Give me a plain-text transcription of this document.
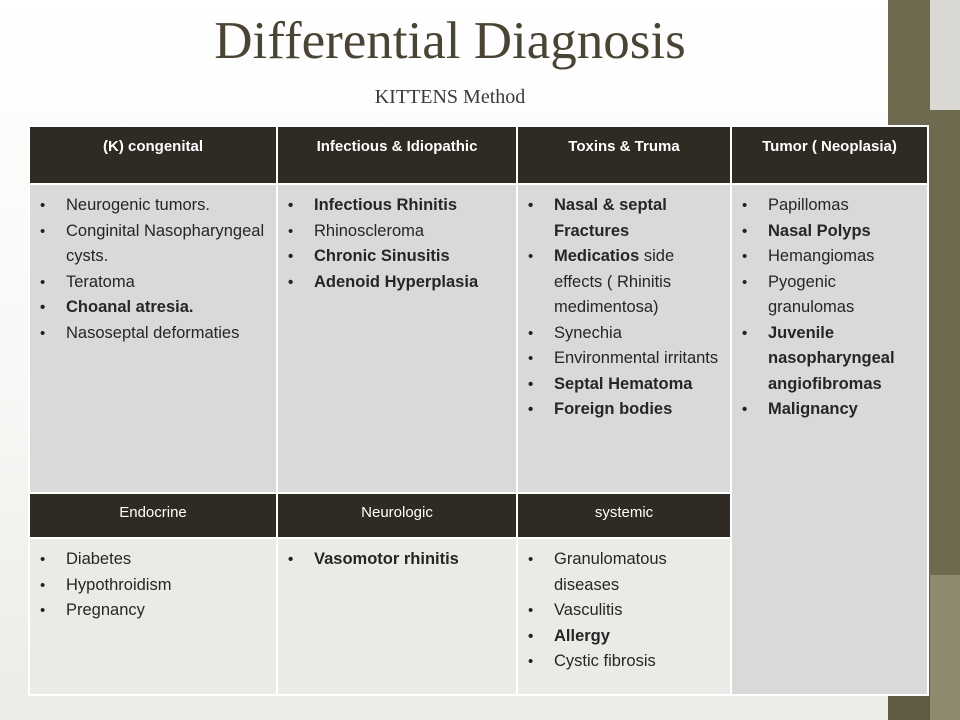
Differential Diagnosis
KITTENS Method
(K) congenital	Infectious & Idiopathic	Toxins & Truma	Tumor ( Neoplasia)
• Neurogenic tumors.
• Conginital Nasopharyngeal cysts.
• Teratoma
• Choanal atresia.
• Nasoseptal deformaties
• Infectious Rhinitis
• Rhinoscleroma
• Chronic Sinusitis
• Adenoid Hyperplasia
• Nasal & septal Fractures
• Medicatios side effects ( Rhinitis medimentosa)
• Synechia
• Environmental irritants
• Septal Hematoma
• Foreign bodies
• Papillomas
• Nasal Polyps
• Hemangiomas
• Pyogenic granulomas
• Juvenile nasopharyngeal angiofibromas
• Malignancy
Endocrine	Neurologic	systemic
• Diabetes
• Hypothroidism
• Pregnancy
• Vasomotor rhinitis
•	Granulomatous diseases
• Vasculitis
• Allergy
• Cystic fibrosis
